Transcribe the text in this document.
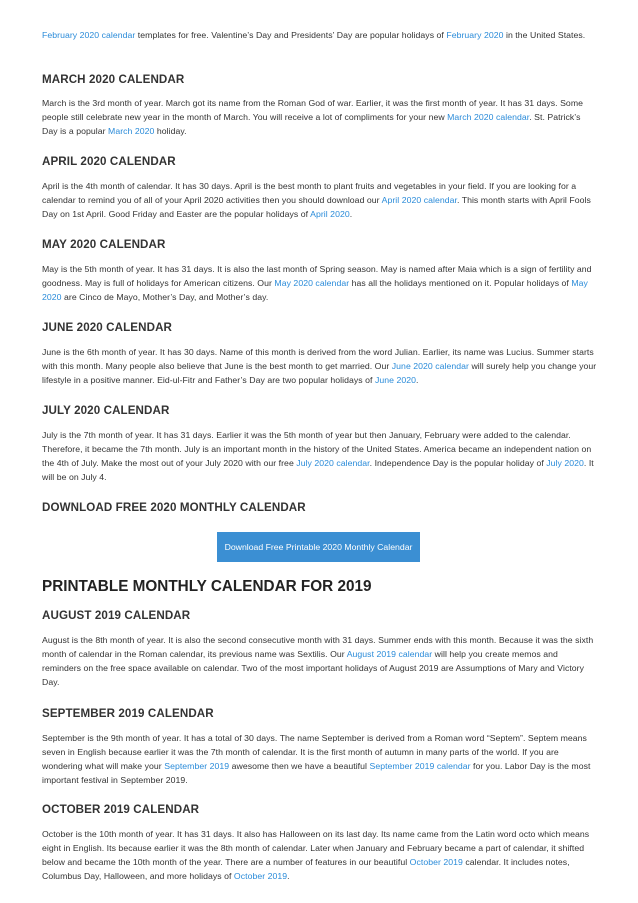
February 2020 calendar templates for free. Valentine’s Day and Presidents’ Day are popular holidays of February 2020 in the United States.

MARCH 2020 CALENDAR

March is the 3rd month of year. March got its name from the Roman God of war. Earlier, it was the first month of year. It has 31 days. Some people still celebrate new year in the month of March. You will receive a lot of compliments for your new March 2020 calendar. St. Patrick’s Day is a popular March 2020 holiday.

APRIL 2020 CALENDAR

April is the 4th month of calendar. It has 30 days. April is the best month to plant fruits and vegetables in your field. If you are looking for a calendar to remind you of all of your April 2020 activities then you should download our April 2020 calendar. This month starts with April Fools Day on 1st April. Good Friday and Easter are the popular holidays of April 2020.

MAY 2020 CALENDAR

May is the 5th month of year. It has 31 days. It is also the last month of Spring season. May is named after Maia which is a sign of fertility and goodness. May is full of holidays for American citizens. Our May 2020 calendar has all the holidays mentioned on it. Popular holidays of May 2020 are Cinco de Mayo, Mother’s Day, and Mother’s day.

JUNE 2020 CALENDAR

June is the 6th month of year. It has 30 days. Name of this month is derived from the word Julian. Earlier, its name was Lucius. Summer starts with this month. Many people also believe that June is the best month to get married. Our June 2020 calendar will surely help you change your lifestyle in a positive manner. Eid-ul-Fitr and Father’s Day are two popular holidays of June 2020.

JULY 2020 CALENDAR

July is the 7th month of year. It has 31 days. Earlier it was the 5th month of year but then January, February were added to the calendar. Therefore, it became the 7th month. July is an important month in the history of the United States. America became an independent nation on the 4th of July. Make the most out of your July 2020 with our free July 2020 calendar. Independence Day is the popular holiday of July 2020. It will be on July 4.

DOWNLOAD FREE 2020 MONTHLY CALENDAR
Download Free Printable 2020 Monthly Calendar
PRINTABLE MONTHLY CALENDAR FOR 2019
AUGUST 2019 CALENDAR

August is the 8th month of year. It is also the second consecutive month with 31 days. Summer ends with this month. Because it was the sixth month of calendar in the Roman calendar, its previous name was Sextilis. Our August 2019 calendar will help you create memos and reminders on the free space available on calendar. Two of the most important holidays of August 2019 are Assumptions of Mary and Victory Day.

SEPTEMBER 2019 CALENDAR

September is the 9th month of year. It has a total of 30 days. The name September is derived from a Roman word “Septem”. Septem means seven in English because earlier it was the 7th month of calendar. It is the first month of autumn in many parts of the world. If you are wondering what will make your September 2019 awesome then we have a beautiful September 2019 calendar for you. Labor Day is the most important festival in September 2019.

OCTOBER 2019 CALENDAR

October is the 10th month of year. It has 31 days. It also has Halloween on its last day. Its name came from the Latin word octo which means eight in English. Its because earlier it was the 8th month of calendar. Later when January and February became a part of calendar, it shifted below and became the 10th month of the year. There are a number of features in our beautiful October 2019 calendar. It includes notes, Columbus Day, Halloween, and more holidays of October 2019.
